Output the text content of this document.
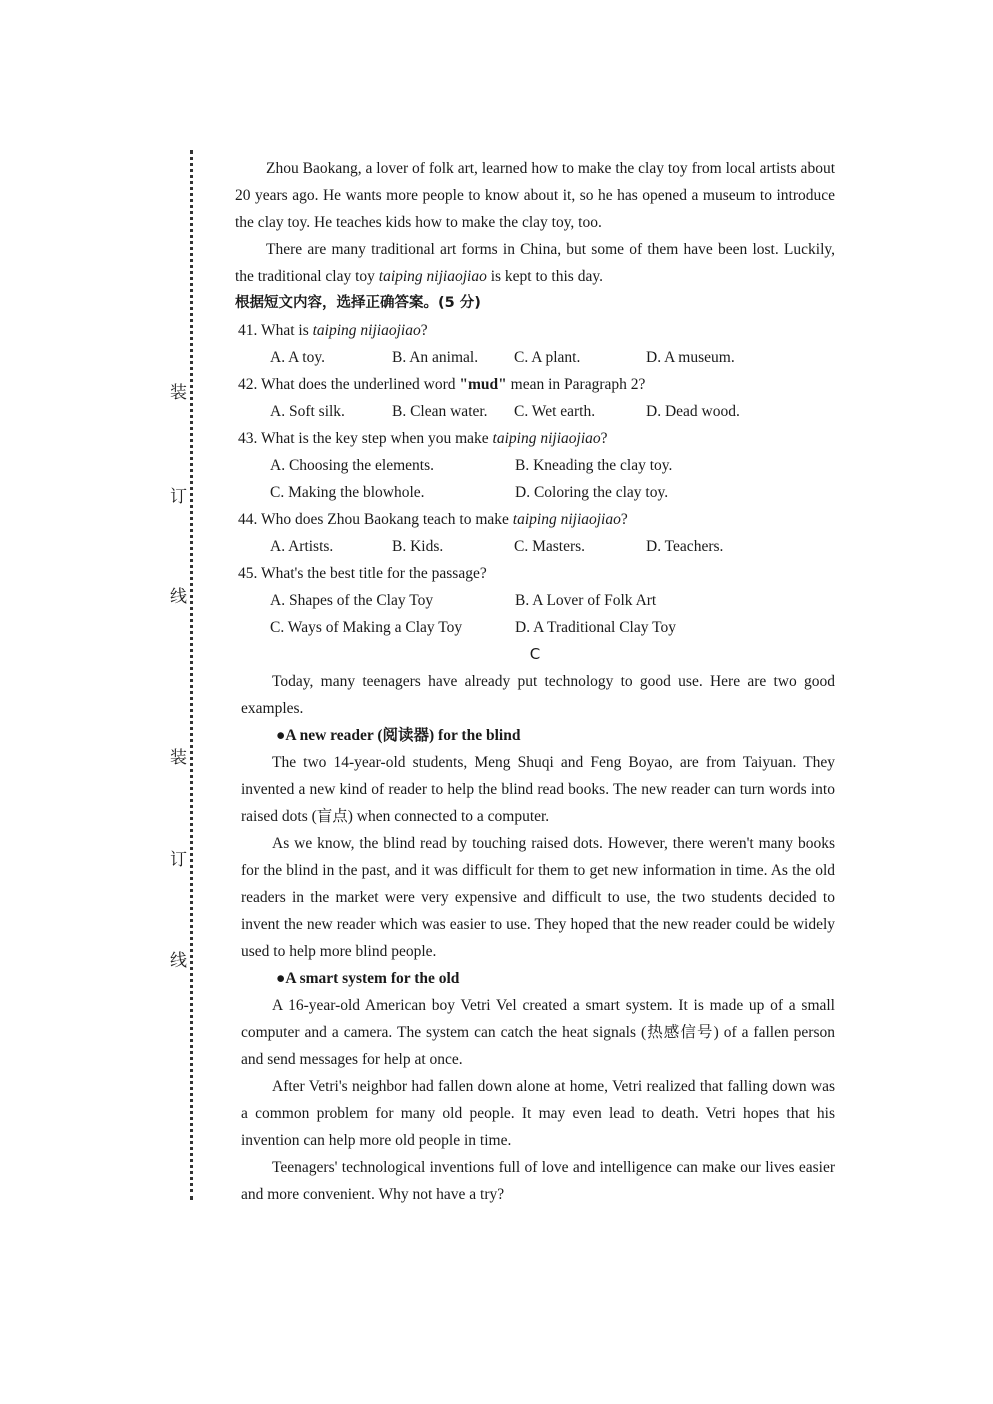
装
订
线
装
订
线

Zhou Baokang, a lover of folk art, learned how to make the clay toy from local artists about 20 years ago. He wants more people to know about it, so he has opened a museum to introduce the clay toy. He teaches kids how to make the clay toy, too.

There are many traditional art forms in China, but some of them have been lost. Luckily, the traditional clay toy taiping nijiaojiao is kept to this day.

根据短文内容，选择正确答案。(5 分)

41. What is taiping nijiaojiao?

A. A toy.	B. An animal.	C. A plant.	D. A museum.

42. What does the underlined word "mud" mean in Paragraph 2?

A. Soft silk.	B. Clean water.	C. Wet earth.	D. Dead wood.

43. What is the key step when you make taiping nijiaojiao?

A. Choosing the elements.	B. Kneading the clay toy.
C. Making the blowhole.	D. Coloring the clay toy.

44. Who does Zhou Baokang teach to make taiping nijiaojiao?

A. Artists.	B. Kids.	C. Masters.	D. Teachers.

45. What's the best title for the passage?

A. Shapes of the Clay Toy	B. A Lover of Folk Art
C. Ways of Making a Clay Toy	D. A Traditional Clay Toy

C

Today, many teenagers have already put technology to good use. Here are two good examples.

●A new reader (阅读器) for the blind

The two 14-year-old students, Meng Shuqi and Feng Boyao, are from Taiyuan. They invented a new kind of reader to help the blind read books. The new reader can turn words into raised dots (盲点) when connected to a computer.

As we know, the blind read by touching raised dots. However, there weren't many books for the blind in the past, and it was difficult for them to get new information in time. As the old readers in the market were very expensive and difficult to use, the two students decided to invent the new reader which was easier to use. They hoped that the new reader could be widely used to help more blind people.

●A smart system for the old

A 16-year-old American boy Vetri Vel created a smart system. It is made up of a small computer and a camera. The system can catch the heat signals (热感信号) of a fallen person and send messages for help at once.

After Vetri's neighbor had fallen down alone at home, Vetri realized that falling down was a common problem for many old people. It may even lead to death. Vetri hopes that his invention can help more old people in time.

Teenagers' technological inventions full of love and intelligence can make our lives easier and more convenient. Why not have a try?
